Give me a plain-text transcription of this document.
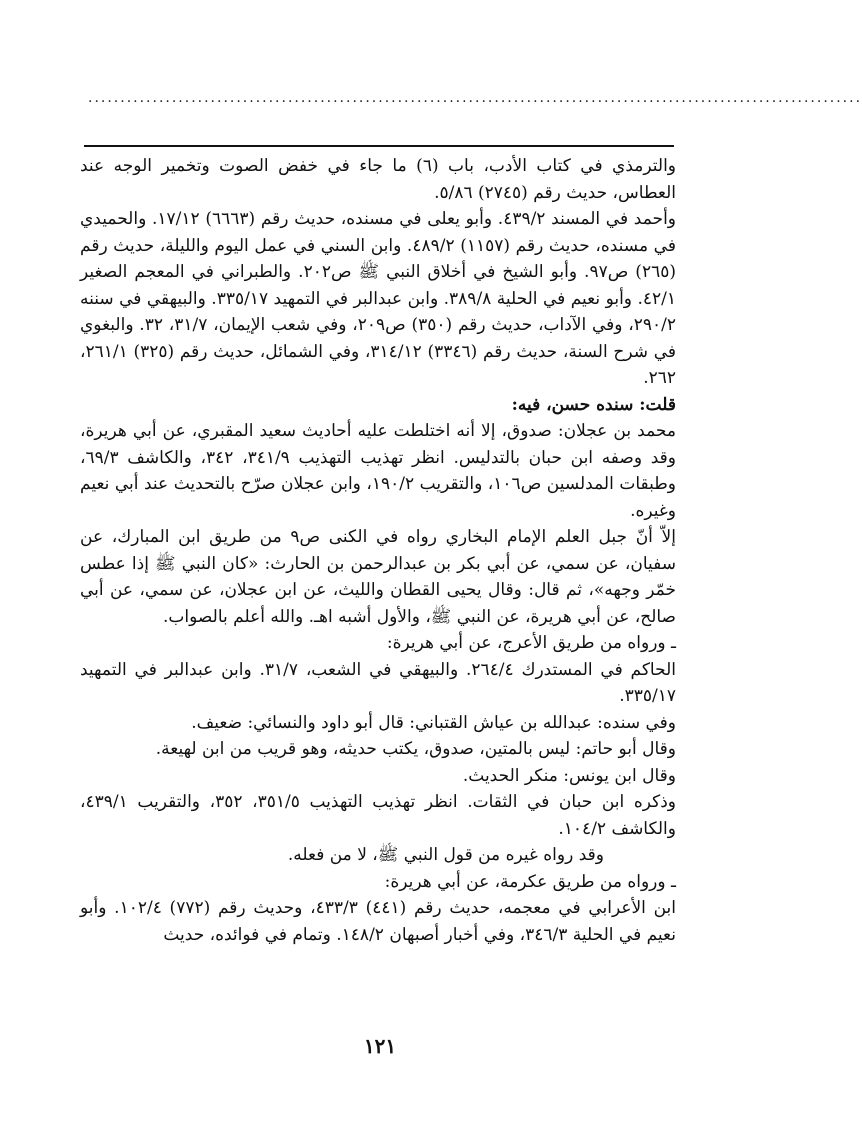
........................................................................................................................

والترمذي في كتاب الأدب، باب (٦) ما جاء في خفض الصوت وتخمير الوجه عند العطاس، حديث رقم (٢٧٤٥) ٥/٨٦.

وأحمد في المسند ٤٣٩/٢. وأبو يعلى في مسنده، حديث رقم (٦٦٦٣) ١٧/١٢. والحميدي في مسنده، حديث رقم (١١٥٧) ٤٨٩/٢. وابن السني في عمل اليوم والليلة، حديث رقم (٢٦٥) ص٩٧. وأبو الشيخ في أخلاق النبي ﷺ ص٢٠٢. والطبراني في المعجم الصغير ٤٢/١. وأبو نعيم في الحلية ٣٨٩/٨. وابن عبدالبر في التمهيد ٣٣٥/١٧. والبيهقي في سننه ٢٩٠/٢، وفي الآداب، حديث رقم (٣٥٠) ص٢٠٩، وفي شعب الإيمان، ٣١/٧، ٣٢. والبغوي في شرح السنة، حديث رقم (٣٣٤٦) ٣١٤/١٢، وفي الشمائل، حديث رقم (٣٢٥) ٢٦١/١، ٢٦٢.

قلت: سنده حسن، فيه:

محمد بن عجلان: صدوق، إلا أنه اختلطت عليه أحاديث سعيد المقبري، عن أبي هريرة، وقد وصفه ابن حبان بالتدليس. انظر تهذيب التهذيب ٣٤١/٩، ٣٤٢، والكاشف ٦٩/٣، وطبقات المدلسين ص١٠٦، والتقريب ١٩٠/٢، وابن عجلان صرّح بالتحديث عند أبي نعيم وغيره.

إلاّ أنّ جبل العلم الإمام البخاري رواه في الكنى ص٩ من طريق ابن المبارك، عن سفيان، عن سمي، عن أبي بكر بن عبدالرحمن بن الحارث: «كان النبي ﷺ إذا عطس خمّر وجهه»، ثم قال: وقال يحيى القطان والليث، عن ابن عجلان، عن سمي، عن أبي صالح، عن أبي هريرة، عن النبي ﷺ، والأول أشبه اهـ. والله أعلم بالصواب.

ـ ورواه من طريق الأعرج، عن أبي هريرة:

الحاكم في المستدرك ٢٦٤/٤. والبيهقي في الشعب، ٣١/٧. وابن عبدالبر في التمهيد ٣٣٥/١٧.

وفي سنده: عبدالله بن عياش القتباني: قال أبو داود والنسائي: ضعيف.

وقال أبو حاتم: ليس بالمتين، صدوق، يكتب حديثه، وهو قريب من ابن لهيعة.

وقال ابن يونس: منكر الحديث.

وذكره ابن حبان في الثقات. انظر تهذيب التهذيب ٣٥١/٥، ٣٥٢، والتقريب ٤٣٩/١، والكاشف ١٠٤/٢.

وقد رواه غيره من قول النبي ﷺ، لا من فعله.

ـ ورواه من طريق عكرمة، عن أبي هريرة:

ابن الأعرابي في معجمه، حديث رقم (٤٤١) ٤٣٣/٣، وحديث رقم (٧٧٢) ١٠٢/٤. وأبو نعيم في الحلية ٣٤٦/٣، وفي أخبار أصبهان ١٤٨/٢. وتمام في فوائده، حديث

١٢١
